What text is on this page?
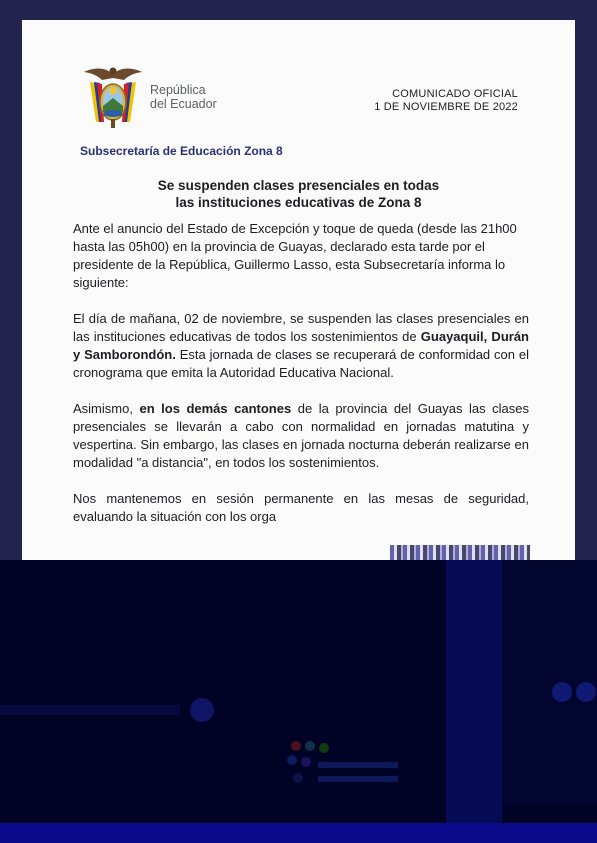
República
del Ecuador
COMUNICADO OFICIAL
1 DE NOVIEMBRE DE 2022
Subsecretaría de Educación Zona 8
Se suspenden clases presenciales en todas
las instituciones educativas de Zona 8

Ante el anuncio del Estado de Excepción y toque de queda (desde las 21h00 hasta las 05h00) en la provincia de Guayas, declarado esta tarde por el presidente de la República, Guillermo Lasso, esta Subsecretaría informa lo siguiente:

El día de mañana, 02 de noviembre, se suspenden las clases presenciales en las instituciones educativas de todos los sostenimientos de Guayaquil, Durán y Samborondón. Esta jornada de clases se recuperará de conformidad con el cronograma que emita la Autoridad Educativa Nacional.

Asimismo, en los demás cantones de la provincia del Guayas las clases presenciales se llevarán a cabo con normalidad en jornadas matutina y vespertina. Sin embargo, las clases en jornada nocturna deberán realizarse en modalidad "a distancia", en todos los sostenimientos.

Nos mantenemos en sesión permanente en las mesas de seguridad, evaluando la situación con los orga
